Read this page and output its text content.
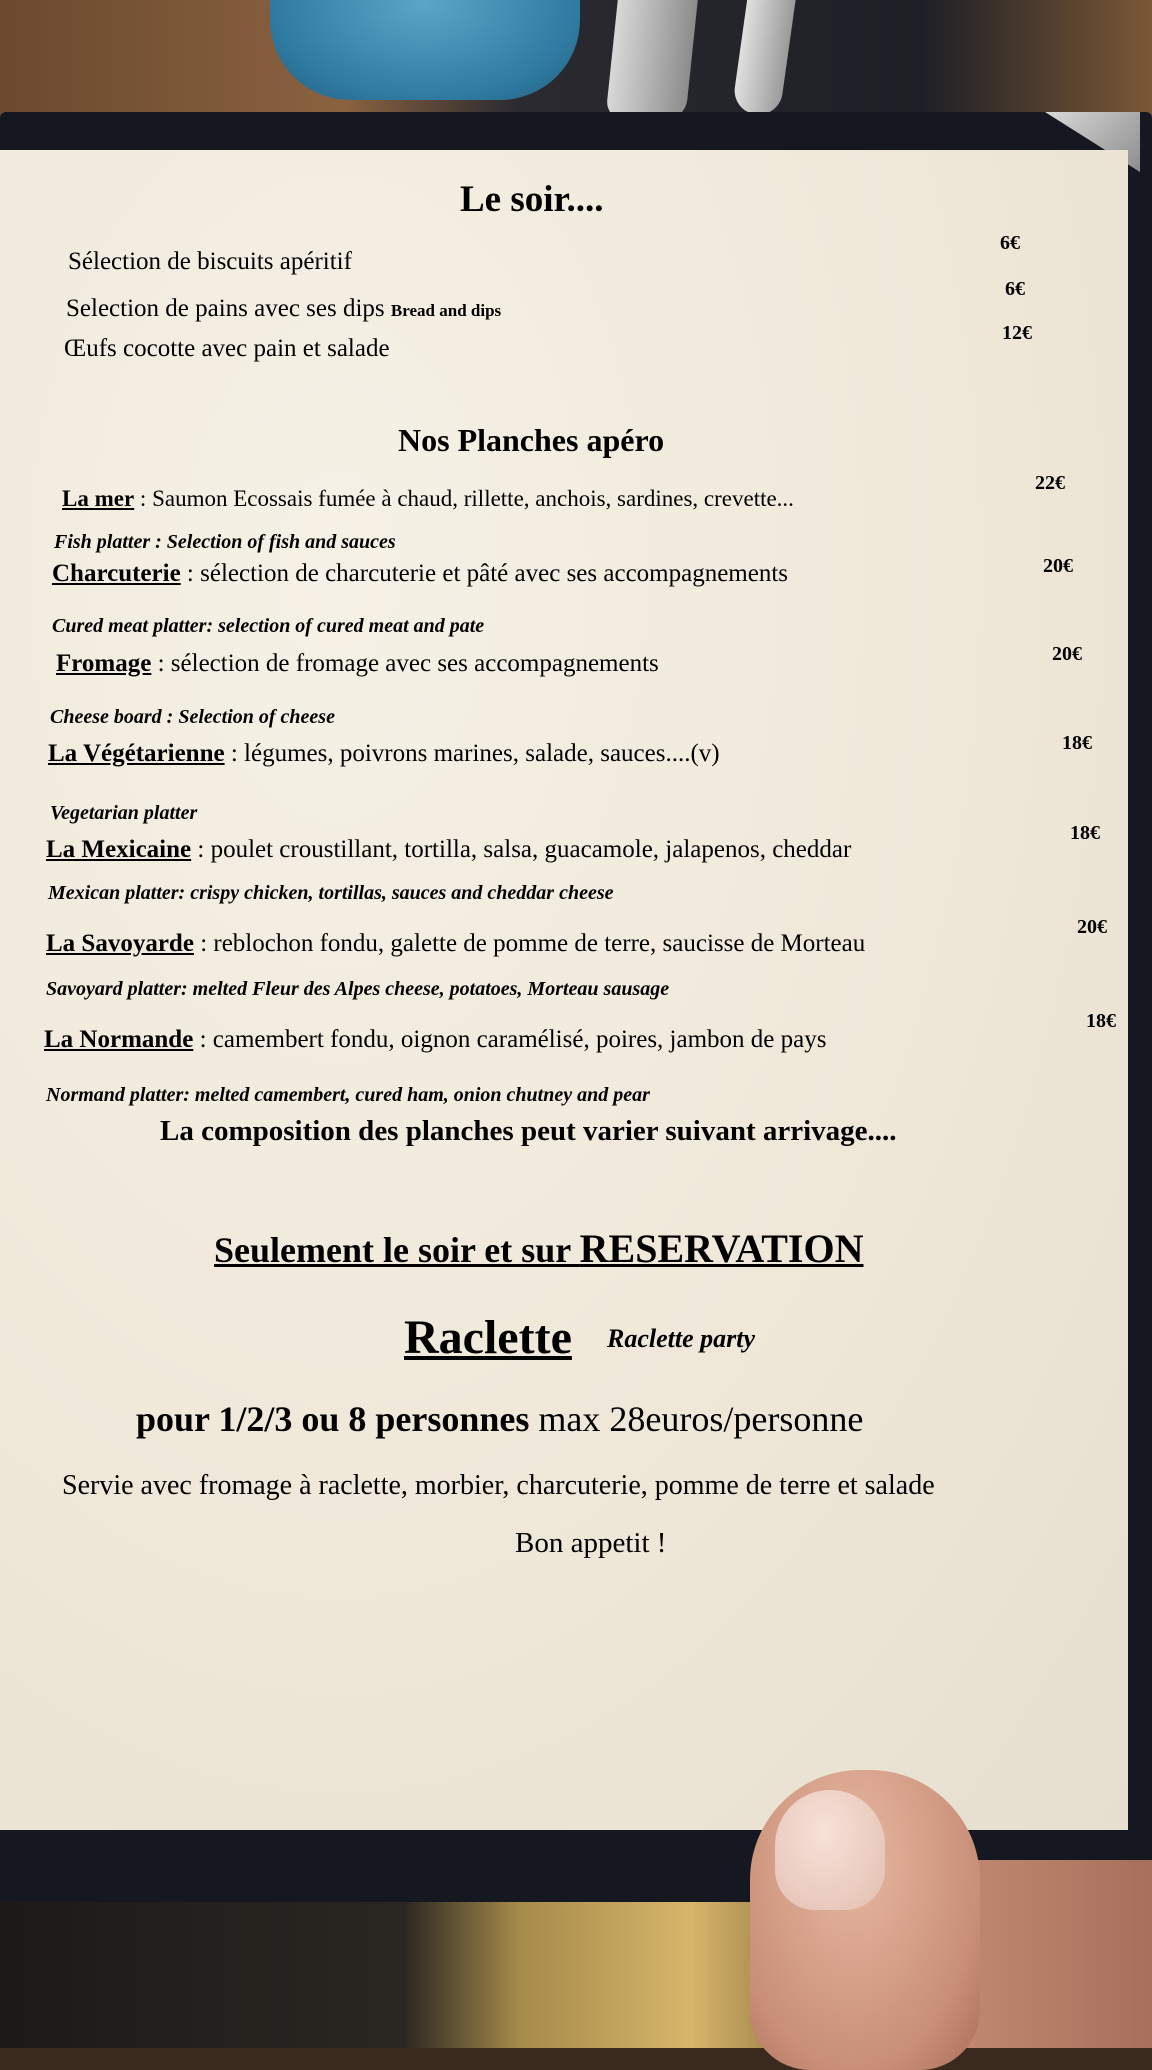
Le soir....
Sélection de biscuits apéritif
6€
Selection de pains avec ses dips Bread and dips
6€
Œufs cocotte avec pain et salade
12€
Nos Planches apéro
La mer : Saumon Ecossais fumée à chaud, rillette, anchois, sardines, crevette...
22€
Fish platter : Selection of fish and sauces
Charcuterie : sélection de charcuterie et pâté avec ses accompagnements	20€
Cured meat platter: selection of cured meat and pate
Fromage : sélection de fromage avec ses accompagnements	20€
Cheese board : Selection of cheese
La Végétarienne : légumes, poivrons marines, salade, sauces....(v)	18€
Vegetarian platter
La Mexicaine : poulet croustillant, tortilla, salsa, guacamole, jalapenos, cheddar
18€
Mexican platter: crispy chicken, tortillas, sauces and cheddar cheese
La Savoyarde : reblochon fondu, galette de pomme de terre, saucisse de Morteau
20€
Savoyard platter: melted Fleur des Alpes cheese, potatoes, Morteau sausage
La Normande : camembert fondu, oignon caramélisé, poires, jambon de pays
18€
Normand platter: melted camembert, cured ham, onion chutney and pear
La composition des planches peut varier suivant arrivage....
Seulement le soir et sur RESERVATION
Raclette Raclette party
pour 1/2/3 ou 8 personnes max 28euros/personne
Servie avec fromage à raclette, morbier, charcuterie, pomme de terre et salade
Bon appetit !
